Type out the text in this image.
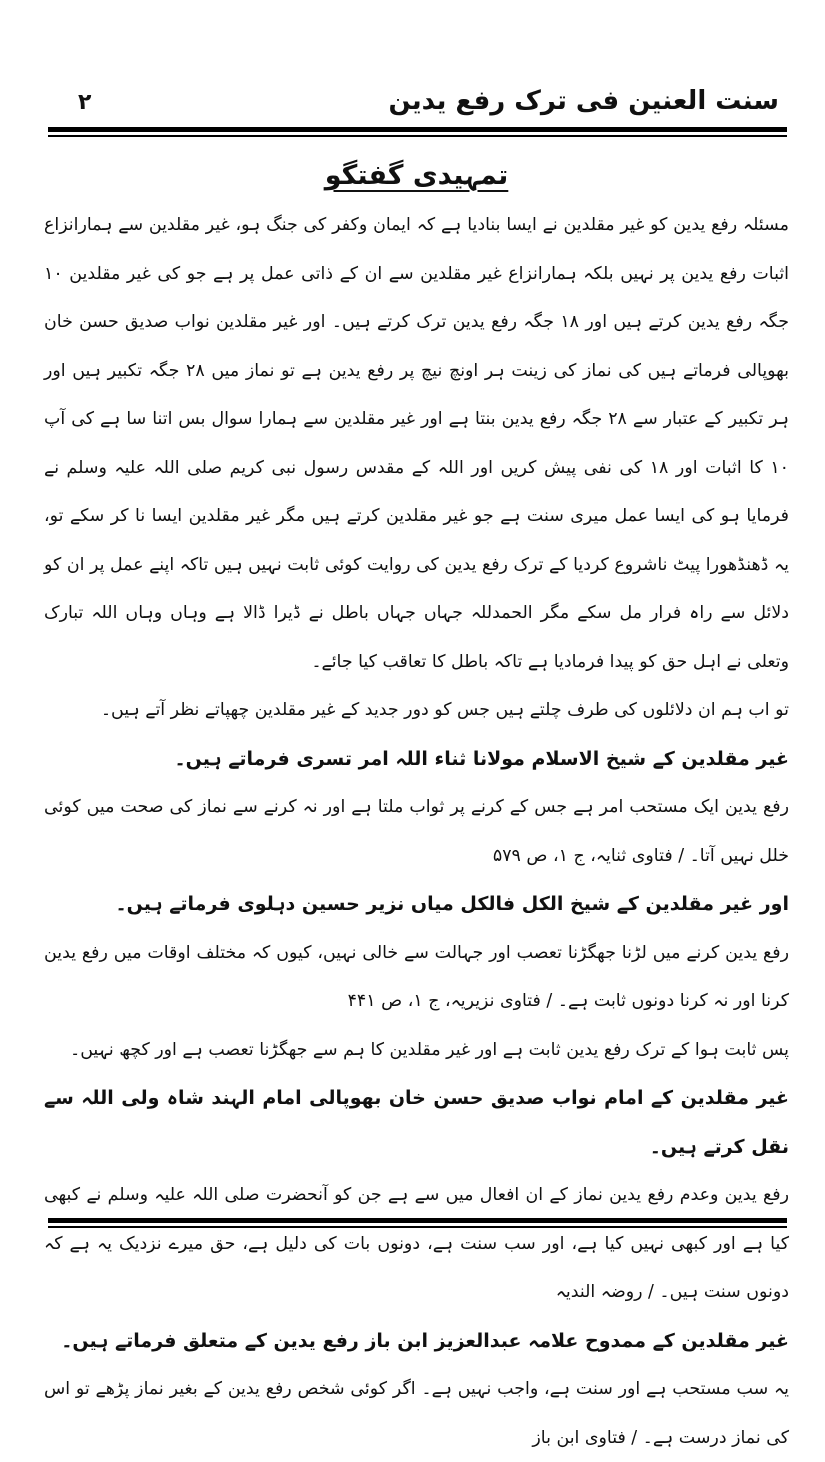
سنت العنین فی ترک رفع یدین
۲
تمہیدی گفتگو

مسئلہ رفع یدین کو غیر مقلدین نے ایسا بنادیا ہے کہ ایمان وکفر کی جنگ ہو، غیر مقلدین سے ہمارانزاع اثبات رفع یدین پر نہیں بلکہ ہمارانزاع غیر مقلدین سے ان کے ذاتی عمل پر ہے جو کی غیر مقلدین ۱۰ جگہ رفع یدین کرتے ہیں اور ۱۸ جگہ رفع یدین ترک کرتے ہیں۔ اور غیر مقلدین نواب صدیق حسن خان بھوپالی فرماتے ہیں کی نماز کی زینت ہر اونچ نیچ پر رفع یدین ہے تو نماز میں ۲۸ جگہ تکبیر ہیں اور ہر تکبیر کے عتبار سے ۲۸ جگہ رفع یدین بنتا ہے اور غیر مقلدین سے ہمارا سوال بس اتنا سا ہے کی آپ ۱۰ کا اثبات اور ۱۸ کی نفی پیش کریں اور اللہ کے مقدس رسول نبی کریم صلی اللہ علیہ وسلم نے فرمایا ہو کی ایسا عمل میری سنت ہے جو غیر مقلدین کرتے ہیں مگر غیر مقلدین ایسا نا کر سکے تو، یہ ڈھنڈھورا پیٹ ناشروع کردیا کے ترک رفع یدین کی روایت کوئی ثابت نہیں ہیں تاکہ اپنے عمل پر ان کو دلائل سے راہ فرار مل سکے مگر الحمدللہ جہاں جہاں باطل نے ڈیرا ڈالا ہے وہاں وہاں اللہ تبارک وتعلی نے اہل حق کو پیدا فرمادیا ہے تاکہ باطل کا تعاقب کیا جائے۔

تو اب ہم ان دلائلوں کی طرف چلتے ہیں جس کو دور جدید کے غیر مقلدین چھپاتے نظر آتے ہیں۔

غیر مقلدین کے شیخ الاسلام مولانا ثناء اللہ امر تسری فرماتے ہیں۔

رفع یدین ایک مستحب امر ہے جس کے کرنے پر ثواب ملتا ہے اور نہ کرنے سے نماز کی صحت میں کوئی خلل نہیں آتا۔ / فتاوی ثنایہ، ج ۱، ص ۵۷۹

اور غیر مقلدین کے شیخ الکل فالکل میاں نزیر حسین دہلوی فرماتے ہیں۔

رفع یدین کرنے میں لڑنا جھگڑنا تعصب اور جہالت سے خالی نہیں، کیوں کہ مختلف اوقات میں رفع یدین کرنا اور نہ کرنا دونوں ثابت ہے۔ / فتاوی نزیریہ، ج ۱، ص ۴۴۱

پس ثابت ہوا کے ترک رفع یدین ثابت ہے اور غیر مقلدین کا ہم سے جھگڑنا تعصب ہے اور کچھ نہیں۔

غیر مقلدین کے امام نواب صدیق حسن خان بھوپالی امام الہند شاہ ولی اللہ سے نقل کرتے ہیں۔

رفع یدین وعدم رفع یدین نماز کے ان افعال میں سے ہے جن کو آنحضرت صلی اللہ علیہ وسلم نے کبھی کیا ہے اور کبھی نہیں کیا ہے، اور سب سنت ہے، دونوں بات کی دلیل ہے، حق میرے نزدیک یہ ہے کہ دونوں سنت ہیں۔ / روضہ الندیہ

غیر مقلدین کے ممدوح علامہ عبدالعزیز ابن باز رفع یدین کے متعلق فرماتے ہیں۔

یہ سب مستحب ہے اور سنت ہے، واجب نہیں ہے۔ اگر کوئی شخص رفع یدین کے بغیر نماز پڑھے تو اس کی نماز درست ہے۔ / فتاوی ابن باز
